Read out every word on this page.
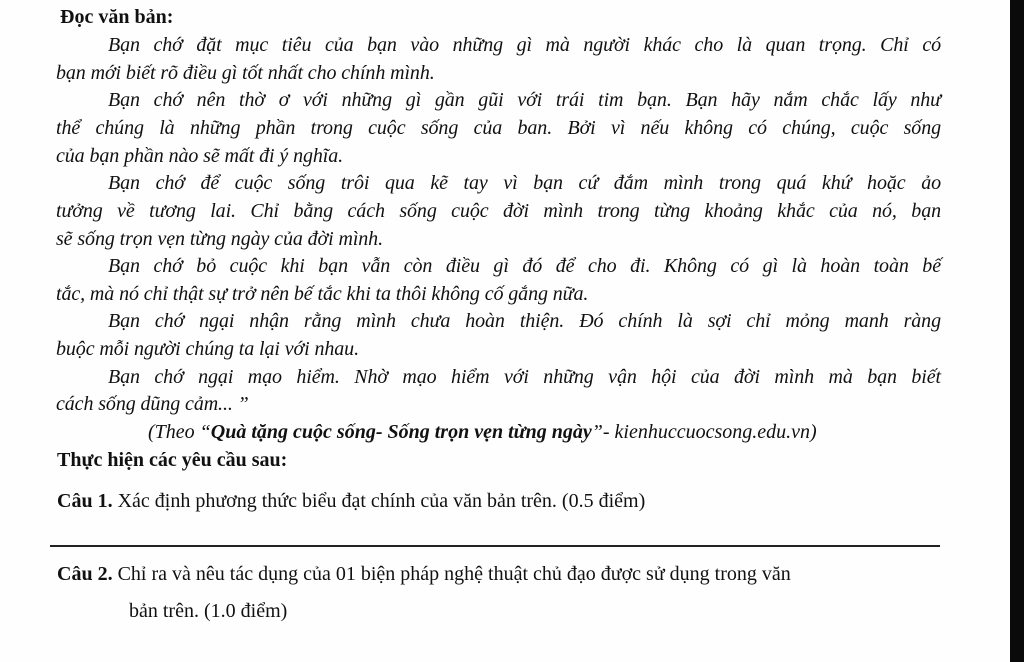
Đọc văn bản:
Bạn chớ đặt mục tiêu của bạn vào những gì mà người khác cho là quan trọng. Chỉ có
bạn mới biết rõ điều gì tốt nhất cho chính mình.
Bạn chớ nên thờ ơ với những gì gần gũi với trái tim bạn. Bạn hãy nắm chắc lấy như
thể chúng là những phần trong cuộc sống của ban. Bởi vì nếu không có chúng, cuộc sống
của bạn phần nào sẽ mất đi ý nghĩa.
Bạn chớ để cuộc sống trôi qua kẽ tay vì bạn cứ đắm mình trong quá khứ hoặc ảo
tưởng về tương lai. Chỉ bằng cách sống cuộc đời mình trong từng khoảng khắc của nó, bạn
sẽ sống trọn vẹn từng ngày của đời mình.
Bạn chớ bỏ cuộc khi bạn vẫn còn điều gì đó để cho đi. Không có gì là hoàn toàn bế
tắc, mà nó chỉ thật sự trở nên bế tắc khi ta thôi không cố gắng nữa.
Bạn chớ ngại nhận rằng mình chưa hoàn thiện. Đó chính là sợi chỉ mỏng manh ràng
buộc mỗi người chúng ta lại với nhau.
Bạn chớ ngại mạo hiểm. Nhờ mạo hiểm với những vận hội của đời mình mà bạn biết
cách sống dũng cảm... ”
(Theo “Quà tặng cuộc sống- Sống trọn vẹn từng ngày”- kienhuccuocsong.edu.vn)
Thực hiện các yêu cầu sau:
Câu 1. Xác định phương thức biểu đạt chính của văn bản trên. (0.5 điểm)
Câu 2. Chỉ ra và nêu tác dụng của 01 biện pháp nghệ thuật chủ đạo được sử dụng trong văn
bản trên. (1.0 điểm)
